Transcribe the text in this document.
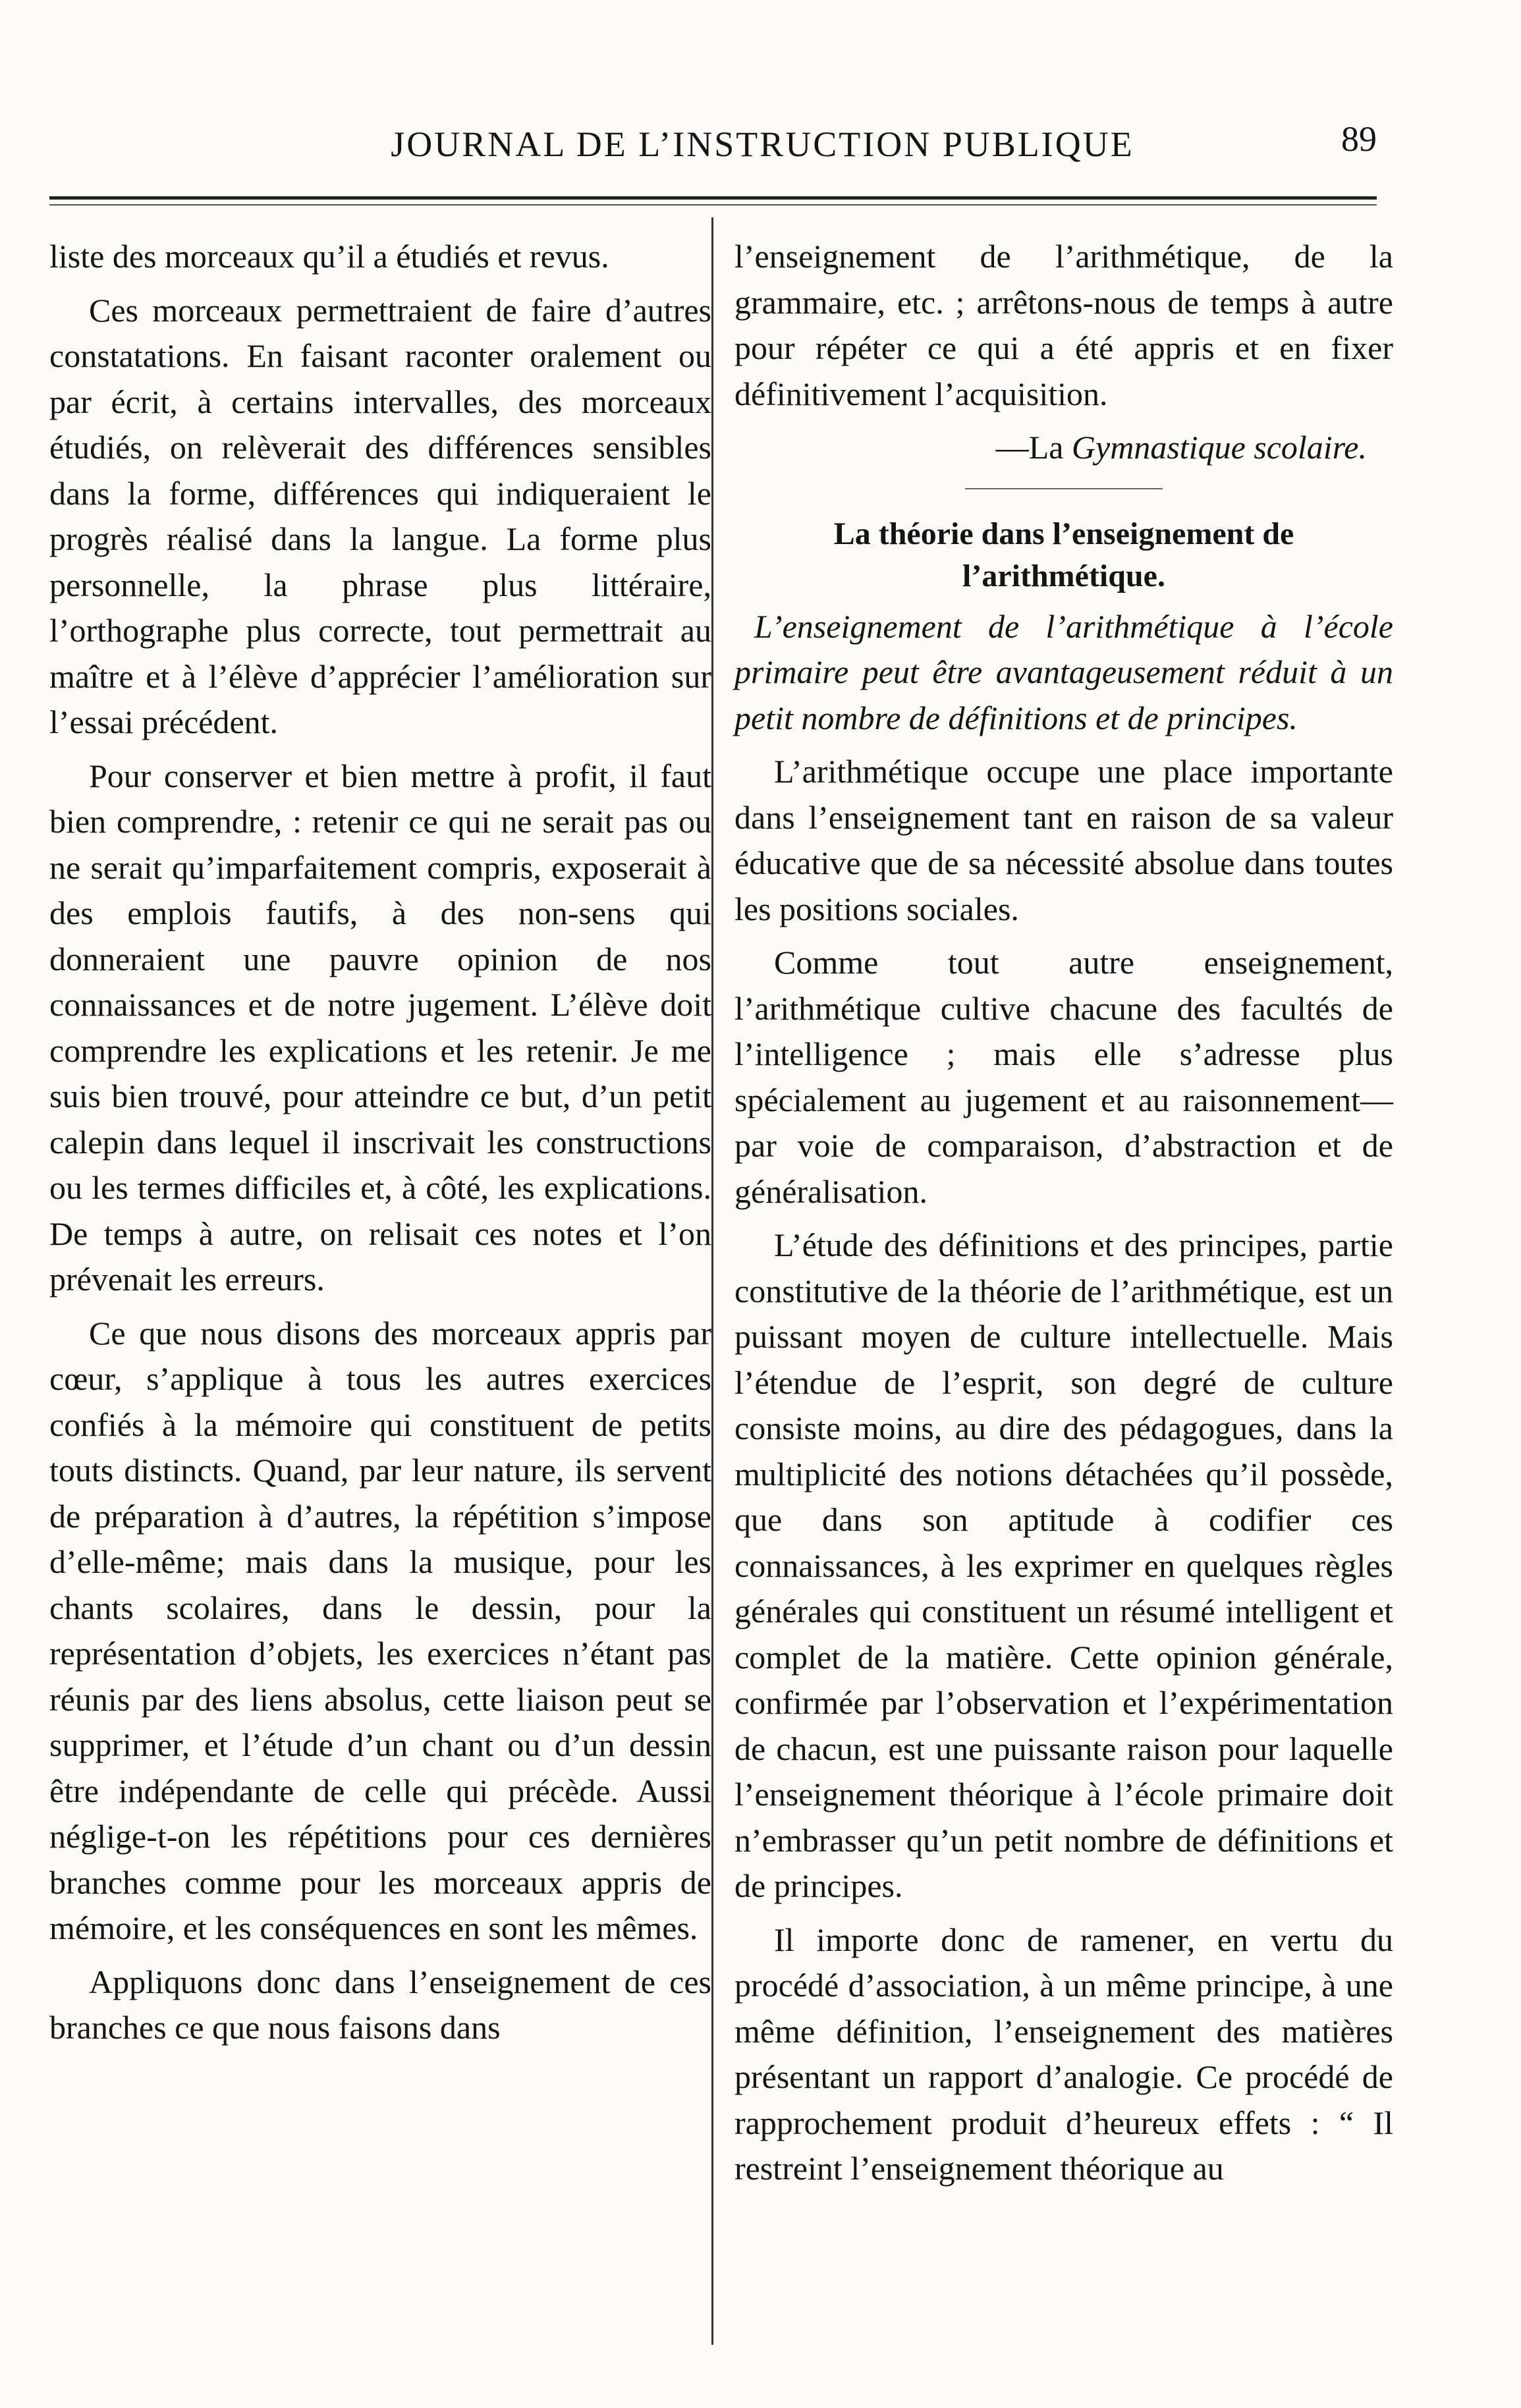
JOURNAL DE L’INSTRUCTION PUBLIQUE	89

liste des morceaux qu’il a étudiés et revus.

Ces morceaux permettraient de faire d’autres constatations. En faisant raconter oralement ou par écrit, à certains intervalles, des morceaux étudiés, on relèverait des différences sensibles dans la forme, différences qui indiqueraient le progrès réalisé dans la langue. La forme plus personnelle, la phrase plus littéraire, l’orthographe plus correcte, tout permettrait au maître et à l’élève d’apprécier l’amélioration sur l’essai précédent.

Pour conserver et bien mettre à profit, il faut bien comprendre, : retenir ce qui ne serait pas ou ne serait qu’imparfaitement compris, exposerait à des emplois fautifs, à des non-sens qui donneraient une pauvre opinion de nos connaissances et de notre jugement. L’élève doit comprendre les explications et les retenir. Je me suis bien trouvé, pour atteindre ce but, d’un petit calepin dans lequel il inscrivait les constructions ou les termes difficiles et, à côté, les explications. De temps à autre, on relisait ces notes et l’on prévenait les erreurs.

Ce que nous disons des morceaux appris par cœur, s’applique à tous les autres exercices confiés à la mémoire qui constituent de petits touts distincts. Quand, par leur nature, ils servent de préparation à d’autres, la répétition s’impose d’elle-même; mais dans la musique, pour les chants scolaires, dans le dessin, pour la représentation d’objets, les exercices n’étant pas réunis par des liens absolus, cette liaison peut se supprimer, et l’étude d’un chant ou d’un dessin être indépendante de celle qui précède. Aussi néglige-t-on les répétitions pour ces dernières branches comme pour les morceaux appris de mémoire, et les conséquences en sont les mêmes.

Appliquons donc dans l’enseignement de ces branches ce que nous faisons dans

l’enseignement de l’arithmétique, de la grammaire, etc. ; arrêtons-nous de temps à autre pour répéter ce qui a été appris et en fixer définitivement l’acquisition.

—La Gymnastique scolaire.
La théorie dans l’enseignement de l’arithmétique.

L’enseignement de l’arithmétique à l’école primaire peut être avantageusement réduit à un petit nombre de définitions et de principes.

L’arithmétique occupe une place importante dans l’enseignement tant en raison de sa valeur éducative que de sa nécessité absolue dans toutes les positions sociales.

Comme tout autre enseignement, l’arithmétique cultive chacune des facultés de l’intelligence ; mais elle s’adresse plus spécialement au jugement et au raisonnement— par voie de comparaison, d’abstraction et de généralisation.

L’étude des définitions et des principes, partie constitutive de la théorie de l’arithmétique, est un puissant moyen de culture intellectuelle. Mais l’étendue de l’esprit, son degré de culture consiste moins, au dire des pédagogues, dans la multiplicité des notions détachées qu’il possède, que dans son aptitude à codifier ces connaissances, à les exprimer en quelques règles générales qui constituent un résumé intelligent et complet de la matière. Cette opinion générale, confirmée par l’observation et l’expérimentation de chacun, est une puissante raison pour laquelle l’enseignement théorique à l’école primaire doit n’embrasser qu’un petit nombre de définitions et de principes.

Il importe donc de ramener, en vertu du procédé d’association, à un même principe, à une même définition, l’enseignement des matières présentant un rapport d’analogie. Ce procédé de rapprochement produit d’heureux effets : “ Il restreint l’enseignement théorique au
